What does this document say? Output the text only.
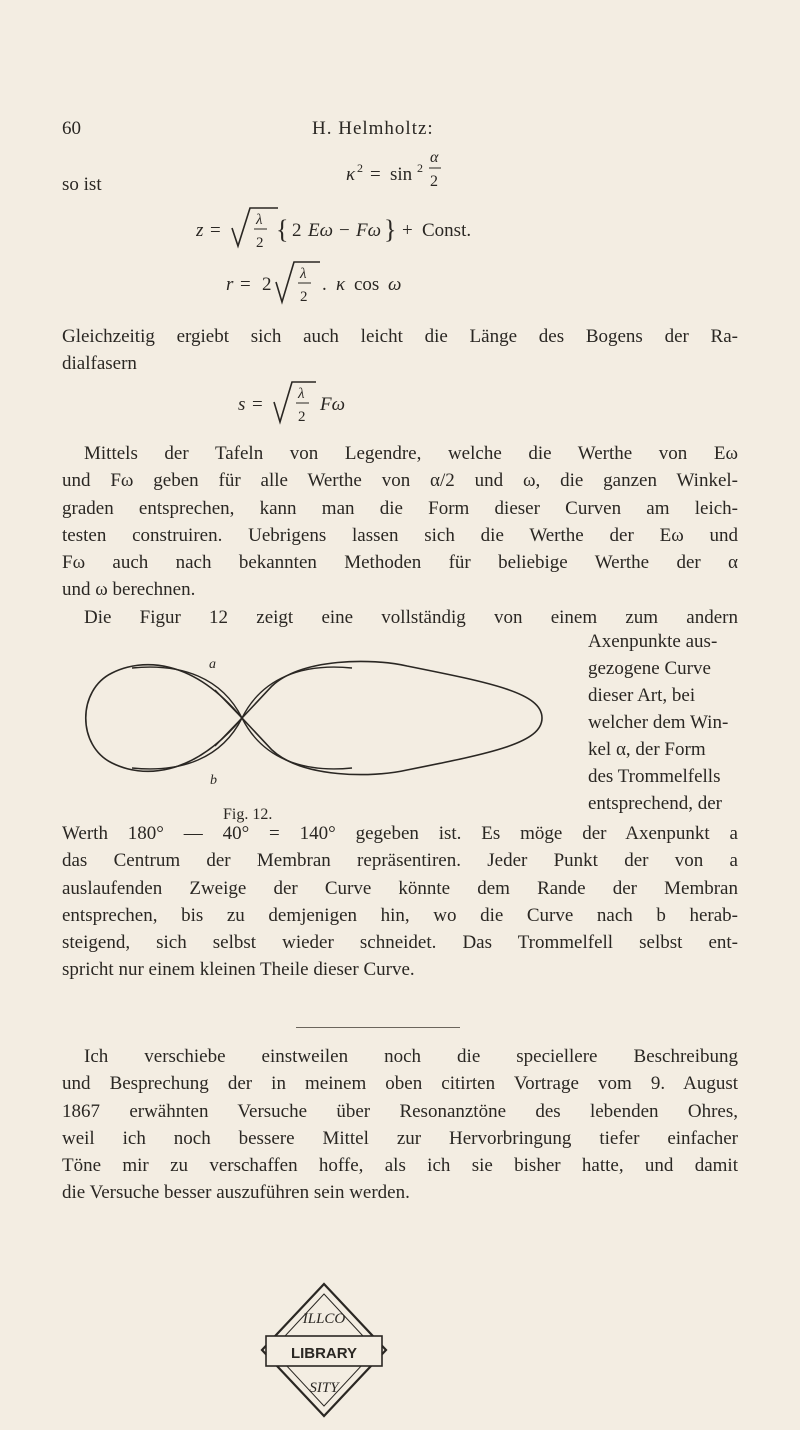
60	H. Helmholtz:
κ 2 = sin 2
α
2
so ist
z = λ
2 { 2 Eω − Fω } + Const.
r = 2 λ
2
. κ cos ω
Gleichzeitig ergiebt sich auch leicht die Länge des Bogens der Ra-
dialfasern
s = λ
2
Fω
Mittels der Tafeln von Legendre, welche die Werthe von Eω
und Fω geben für alle Werthe von α/2 und ω, die ganzen Winkel-
graden entsprechen, kann man die Form dieser Curven am leich-
testen construiren. Uebrigens lassen sich die Werthe der Eω und
Fω auch nach bekannten Methoden für beliebige Werthe der α
und ω berechnen.
Die Figur 12 zeigt eine vollständig von einem zum andern
a
b
Axenpunkte aus-
gezogene Curve
dieser Art, bei
welcher dem Win-
kel α, der Form
des Trommelfells
entsprechend, der
Fig. 12.
Werth 180° — 40° = 140° gegeben ist. Es möge der Axenpunkt a
das Centrum der Membran repräsentiren. Jeder Punkt der von a
auslaufenden Zweige der Curve könnte dem Rande der Membran
entsprechen, bis zu demjenigen hin, wo die Curve nach b herab-
steigend, sich selbst wieder schneidet. Das Trommelfell selbst ent-
spricht nur einem kleinen Theile dieser Curve.
Ich verschiebe einstweilen noch die speciellere Beschreibung
und Besprechung der in meinem oben citirten Vortrage vom 9. August
1867 erwähnten Versuche über Resonanztöne des lebenden Ohres,
weil ich noch bessere Mittel zur Hervorbringung tiefer einfacher
Töne mir zu verschaffen hoffe, als ich sie bisher hatte, und damit
die Versuche besser auszuführen sein werden.
ILLCO
LIBRARY
SITY
